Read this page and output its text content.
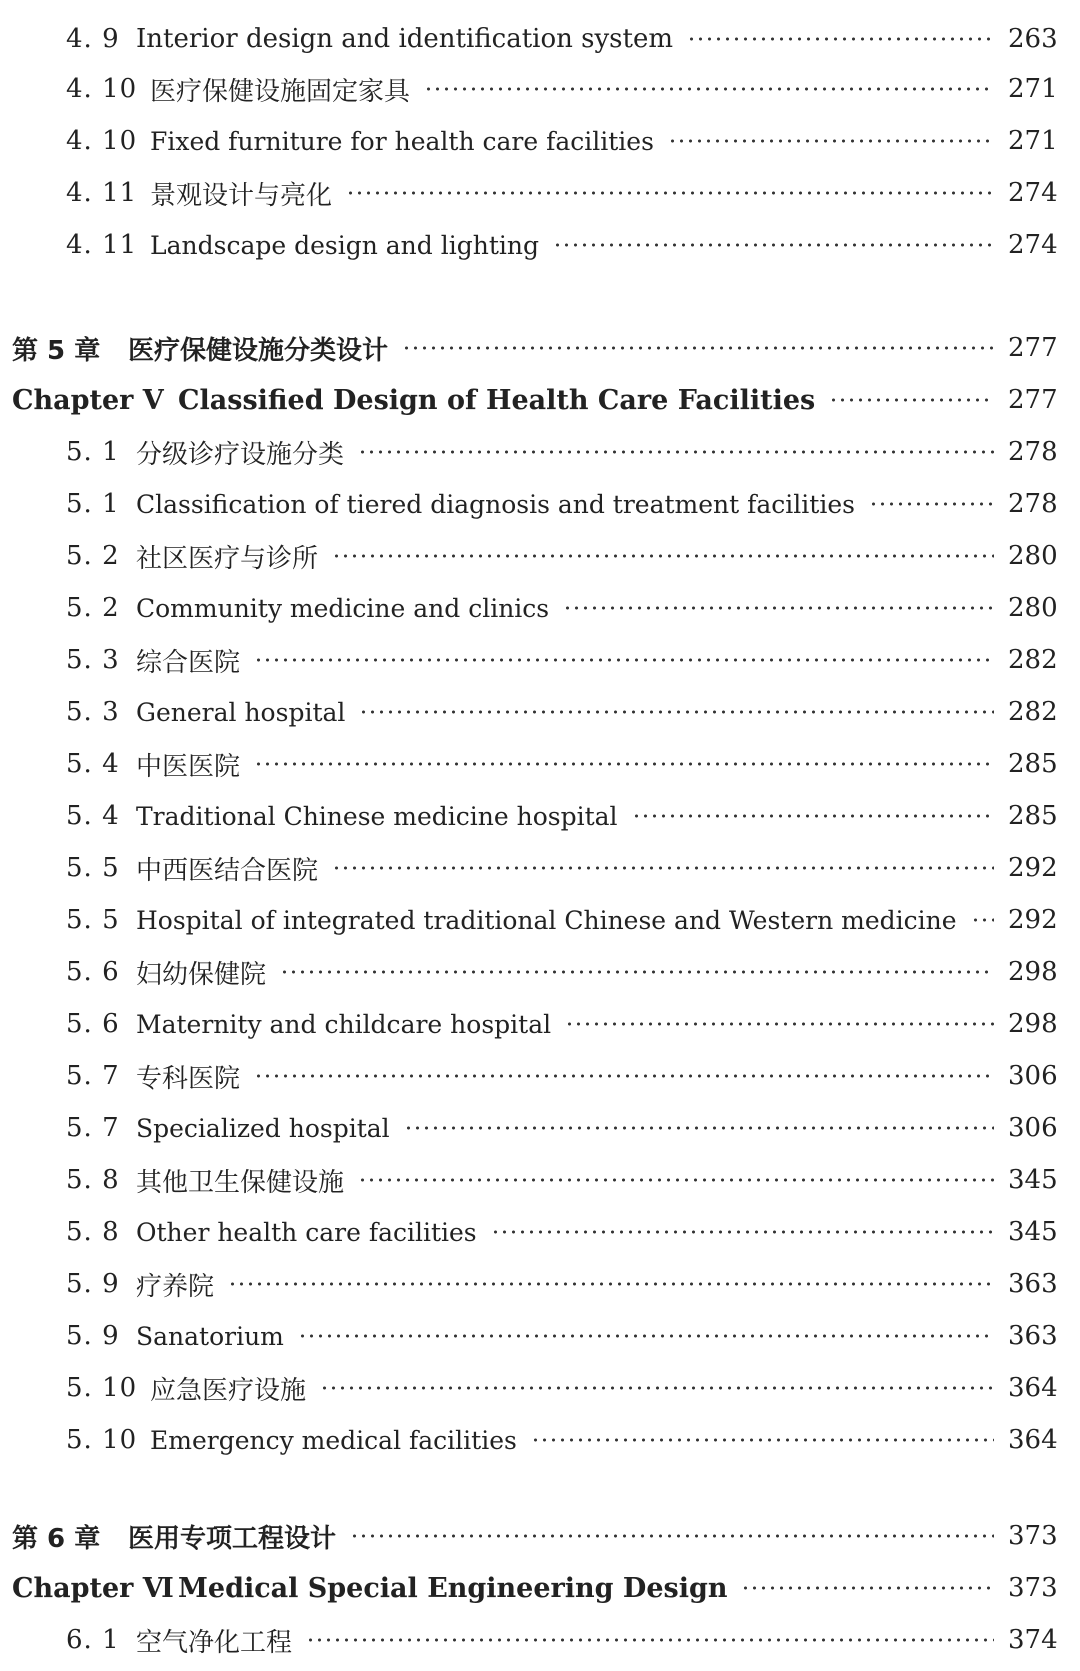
4. 9 Interior design and identification system	263
4. 10 医疗保健设施固定家具	271
4. 10 Fixed furniture for health care facilities	271
4. 11 景观设计与亮化	274
4. 11 Landscape design and lighting	274
第 5 章	医疗保健设施分类设计	277
Chapter Ⅴ Classified Design of Health Care Facilities	277
5. 1 分级诊疗设施分类	278
5. 1 Classification of tiered diagnosis and treatment facilities	278
5. 2 社区医疗与诊所	280
5. 2 Community medicine and clinics	280
5. 3 综合医院	282
5. 3 General hospital	282
5. 4 中医医院	285
5. 4 Traditional Chinese medicine hospital	285
5. 5 中西医结合医院	292
5. 5 Hospital of integrated traditional Chinese and Western medicine 292
5. 6 妇幼保健院	298
5. 6 Maternity and childcare hospital	298
5. 7 专科医院	306
5. 7 Specialized hospital	306
5. 8 其他卫生保健设施	345
5. 8 Other health care facilities	345
5. 9 疗养院	363
5. 9 Sanatorium	363
5. 10 应急医疗设施	364
5. 10 Emergency medical facilities	364
第 6 章	医用专项工程设计	373
Chapter Ⅵ Medical Special Engineering Design	373
6. 1 空气净化工程	374
